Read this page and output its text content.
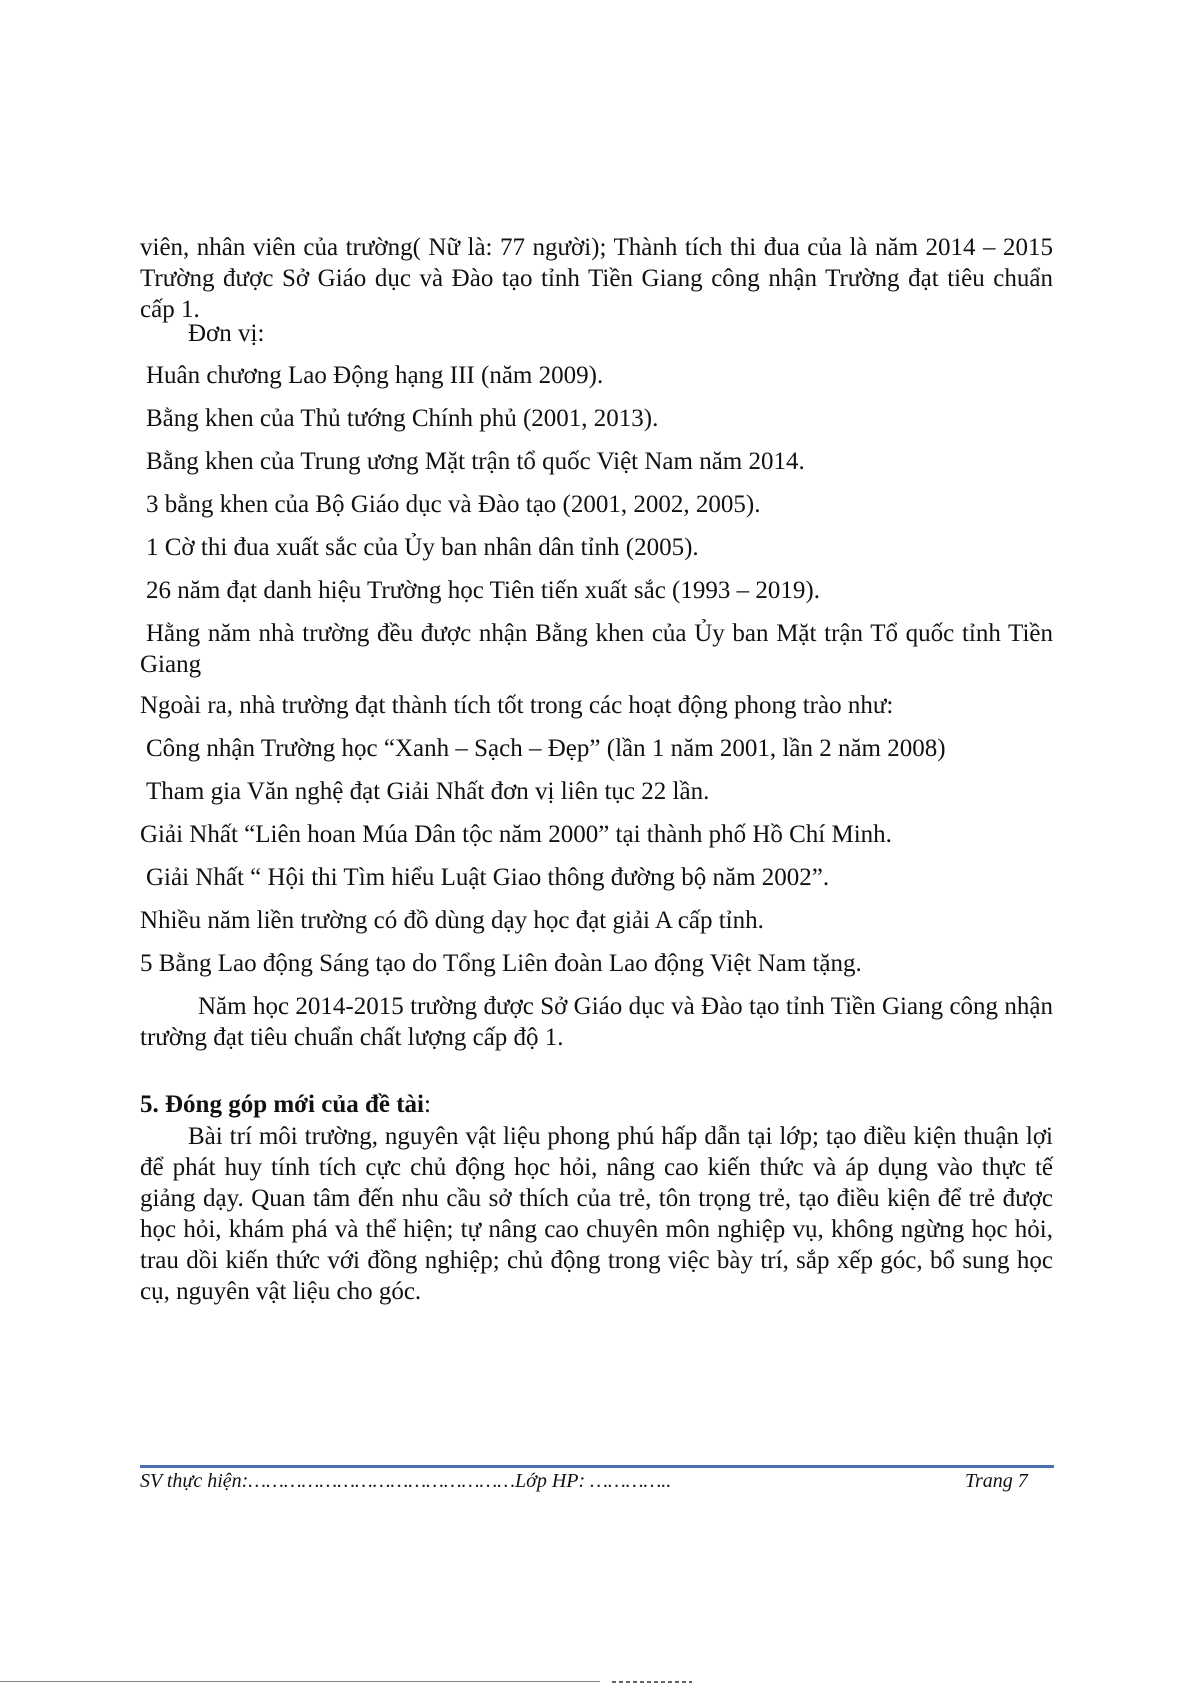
viên, nhân viên của trường( Nữ là: 77 người); Thành tích thi đua của là năm 2014 – 2015 Trường được Sở Giáo dục và Đào tạo tỉnh Tiền Giang công nhận Trường đạt tiêu chuẩn cấp 1.

Đơn vị:

Huân chương Lao Động hạng III (năm 2009).

Bằng khen của Thủ tướng Chính phủ (2001, 2013).

Bằng khen của Trung ương Mặt trận tổ quốc Việt Nam năm 2014.

3 bằng khen của Bộ Giáo dục và Đào tạo (2001, 2002, 2005).

1 Cờ thi đua xuất sắc của Ủy ban nhân dân tỉnh (2005).

26 năm đạt danh hiệu Trường học Tiên tiến xuất sắc (1993 – 2019).

Hằng năm nhà trường đều được nhận Bằng khen của Ủy ban Mặt trận Tổ quốc tỉnh Tiền Giang

Ngoài ra, nhà trường đạt thành tích tốt trong các hoạt động phong trào như:

Công nhận Trường học “Xanh – Sạch – Đẹp” (lần 1 năm 2001, lần 2 năm 2008)

Tham gia Văn nghệ đạt Giải Nhất đơn vị liên tục 22 lần.

Giải Nhất “Liên hoan Múa Dân tộc năm 2000” tại thành phố Hồ Chí Minh.

Giải Nhất “ Hội thi Tìm hiểu Luật Giao thông đường bộ năm 2002”.

Nhiều năm liền trường có đồ dùng dạy học đạt giải A cấp tỉnh.

5 Bằng Lao động Sáng tạo do Tổng Liên đoàn Lao động Việt Nam tặng.

Năm học 2014-2015 trường được Sở Giáo dục và Đào tạo tỉnh Tiền Giang công nhận trường đạt tiêu chuẩn chất lượng cấp độ 1.

5. Đóng góp mới của đề tài:

Bài trí môi trường, nguyên vật liệu phong phú hấp dẫn tại lớp; tạo điều kiện thuận lợi để phát huy tính tích cực chủ động học hỏi, nâng cao kiến thức và áp dụng vào thực tế giảng dạy. Quan tâm đến nhu cầu sở thích của trẻ, tôn trọng trẻ, tạo điều kiện để trẻ được học hỏi, khám phá và thể hiện; tự nâng cao chuyên môn nghiệp vụ, không ngừng học hỏi, trau dồi kiến thức với đồng nghiệp; chủ động trong việc bày trí, sắp xếp góc, bổ sung học cụ, nguyên vật liệu cho góc.

SV thực hiện:………………………………………Lớp HP: …………..	Trang 7
